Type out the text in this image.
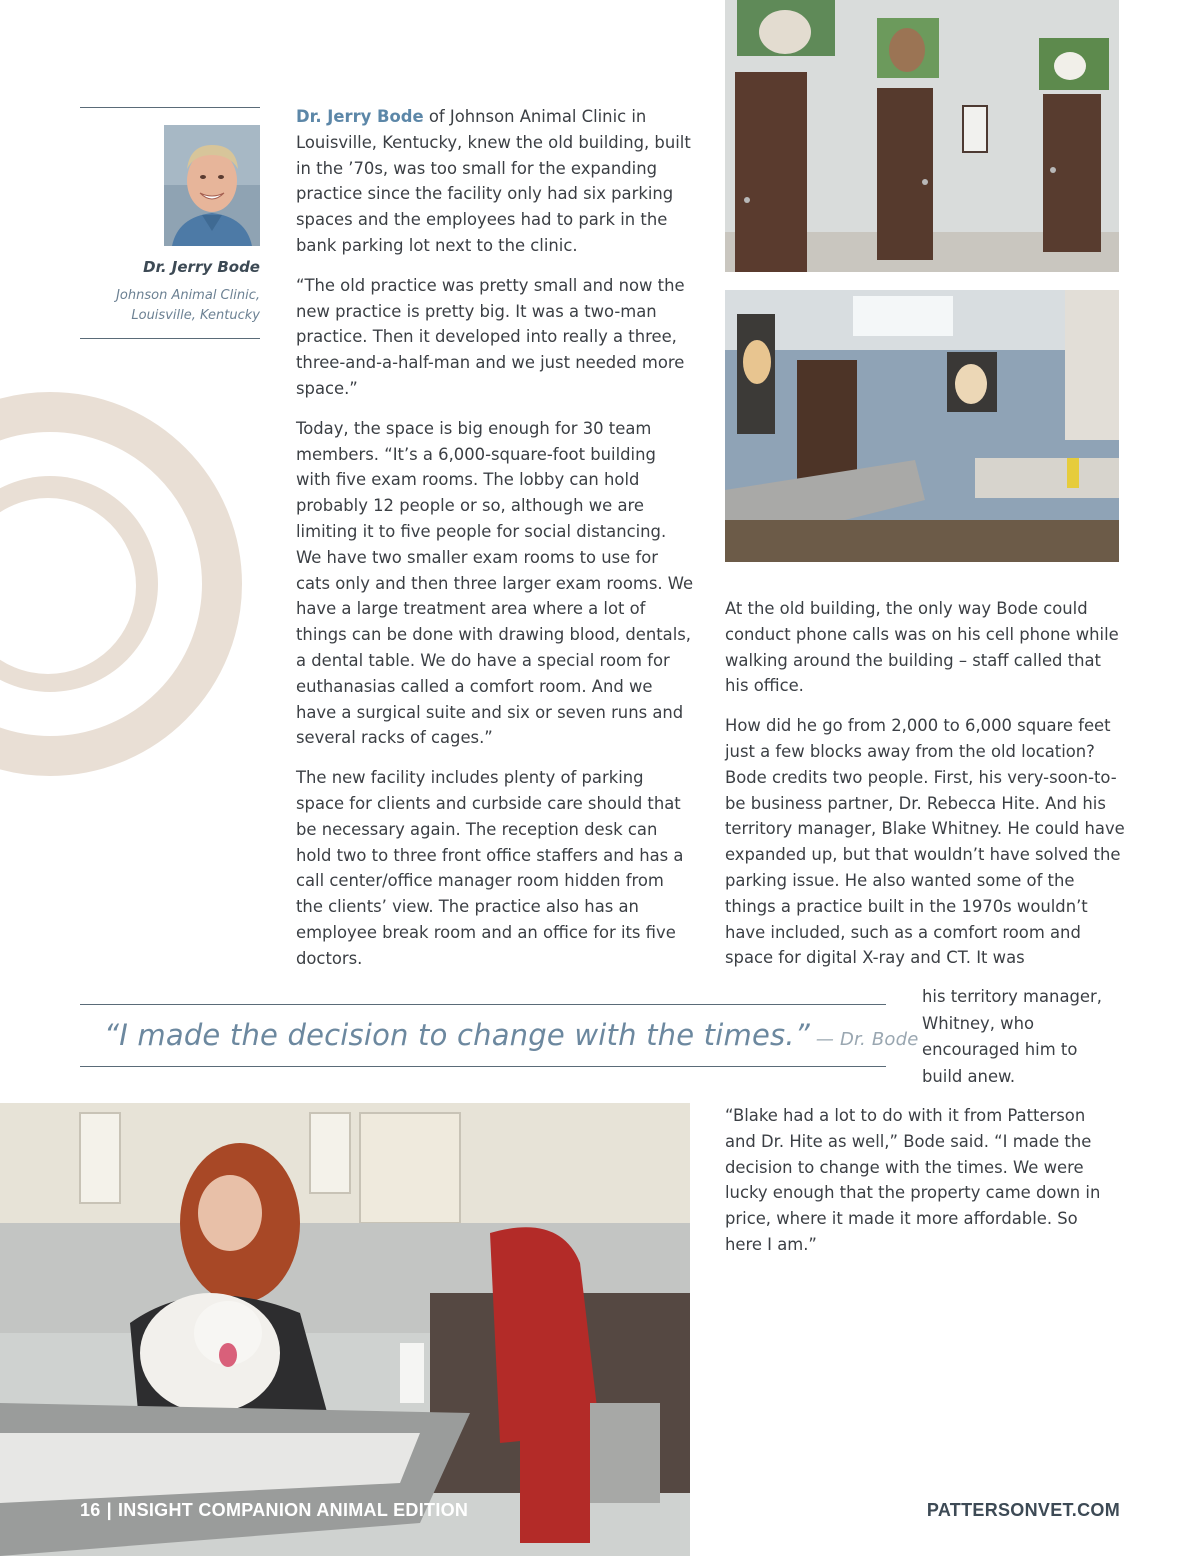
Dr. Jerry Bode
Johnson Animal Clinic,
Louisville, Kentucky

Dr. Jerry Bode of Johnson Animal Clinic in Louisville, Kentucky, knew the old building, built in the ’70s, was too small for the expanding practice since the facility only had six parking spaces and the employees had to park in the bank parking lot next to the clinic.

“The old practice was pretty small and now the new practice is pretty big. It was a two-man practice. Then it developed into really a three, three-and-a-half-man and we just needed more space.”

Today, the space is big enough for 30 team members. “It’s a 6,000-square-foot building with five exam rooms. The lobby can hold probably 12 people or so, although we are limiting it to five people for social distancing. We have two smaller exam rooms to use for cats only and then three larger exam rooms. We have a large treatment area where a lot of things can be done with drawing blood, dentals, a dental table. We do have a special room for euthanasias called a comfort room. And we have a surgical suite and six or seven runs and several racks of cages.”

The new facility includes plenty of parking space for clients and curbside care should that be necessary again. The reception desk can hold two to three front office staffers and has a call center/office manager room hidden from the clients’ view. The practice also has an employee break room and an office for its five doctors.

At the old building, the only way Bode could conduct phone calls was on his cell phone while walking around the building – staff called that his office.

How did he go from 2,000 to 6,000 square feet just a few blocks away from the old location? Bode credits two people. First, his very-soon-to-be business partner, Dr. Rebecca Hite. And his territory manager, Blake Whitney. He could have expanded up, but that wouldn’t have solved the parking issue. He also wanted some of the things a practice built in the 1970s wouldn’t have included, such as a comfort room and space for digital X-ray and CT. It was

his territory manager, Whitney, who encouraged him to build anew.

“Blake had a lot to do with it from Patterson and Dr. Hite as well,” Bode said. “I made the decision to change with the times. We were lucky enough that the property came down in price, where it made it more affordable. So here I am.”

“I made the decision to change with the times.” — Dr. Bode
16 | INSIGHT COMPANION ANIMAL EDITION	PATTERSONVET.COM
